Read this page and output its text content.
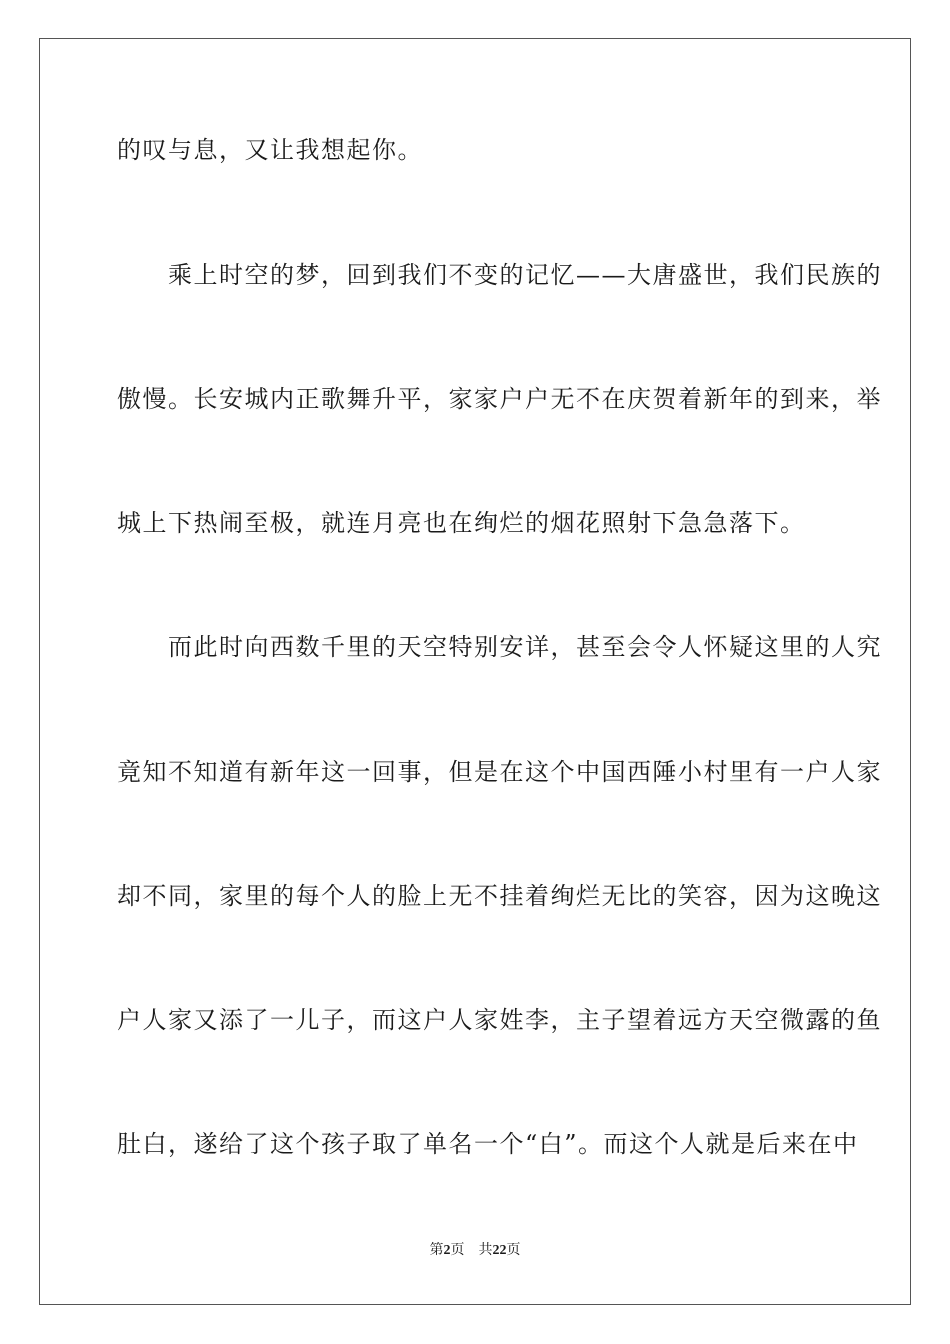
的叹与息，又让我想起你。
　　乘上时空的梦，回到我们不变的记忆——大唐盛世，我们民族的
傲慢。长安城内正歌舞升平，家家户户无不在庆贺着新年的到来，举
城上下热闹至极，就连月亮也在绚烂的烟花照射下急急落下。
　　而此时向西数千里的天空特别安详，甚至会令人怀疑这里的人究
竟知不知道有新年这一回事，但是在这个中国西陲小村里有一户人家
却不同，家里的每个人的脸上无不挂着绚烂无比的笑容，因为这晚这
户人家又添了一儿子，而这户人家姓李，主子望着远方天空微露的鱼
肚白，遂给了这个孩子取了单名一个“白”。而这个人就是后来在中
第2页 共22页
